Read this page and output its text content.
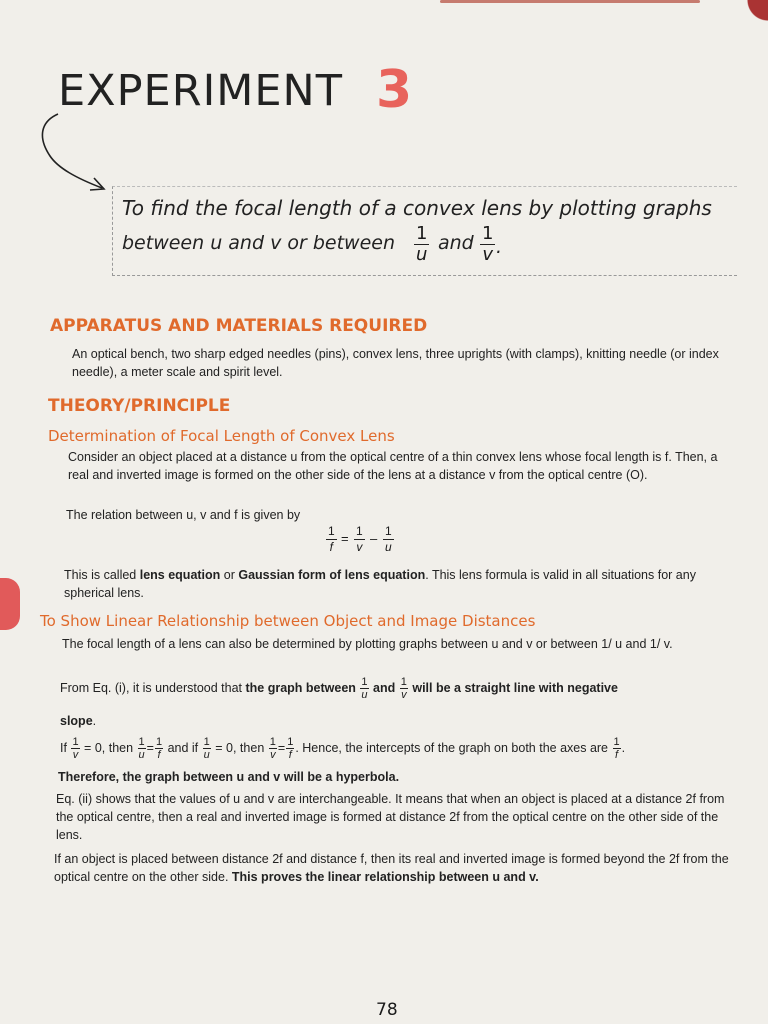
EXPERIMENT 3
To find the focal length of a convex lens by plotting graphs
between u and v or between $\frac{1}{u}$ and $\frac{1}{v}$ .
APPARATUS AND MATERIALS REQUIRED
An optical bench, two sharp edged needles (pins), convex lens, three uprights (with clamps), knitting needle (or index needle), a meter scale and spirit level.
THEORY/PRINCIPLE
Determination of Focal Length of Convex Lens
Consider an object placed at a distance u from the optical centre of a thin convex lens whose focal length is f. Then, a real and inverted image is formed on the other side of the lens at a distance v from the optical centre (O).
The relation between u, v and f is given by
$\frac{1}{f} = \frac{1}{v} - \frac{1}{u}$
This is called lens equation or Gaussian form of lens equation. This lens formula is valid in all situations for any spherical lens.
To Show Linear Relationship between Object and Image Distances
The focal length of a lens can also be determined by plotting graphs between u and v or between 1/ u and 1/ v.
From Eq. (i), it is understood that the graph between $\frac{1}{u}$ and $\frac{1}{v}$ will be a straight line with negative
slope.
If $\frac{1}{v} = 0$, then $\frac{1}{u} = \frac{1}{f}$ and if $\frac{1}{u} = 0$, then $\frac{1}{v} = \frac{1}{f}$ . Hence, the intercepts of the graph on both the axes are $\frac{1}{f}$ .
Therefore, the graph between u and v will be a hyperbola.
Eq. (ii) shows that the values of u and v are interchangeable. It means that when an object is placed at a distance 2f from the optical centre, then a real and inverted image is formed at distance 2f from the optical centre on the other side of the lens.
If an object is placed between distance 2f and distance f, then its real and inverted image is formed beyond the 2f from the optical centre on the other side. This proves the linear relationship between u and v.
78
